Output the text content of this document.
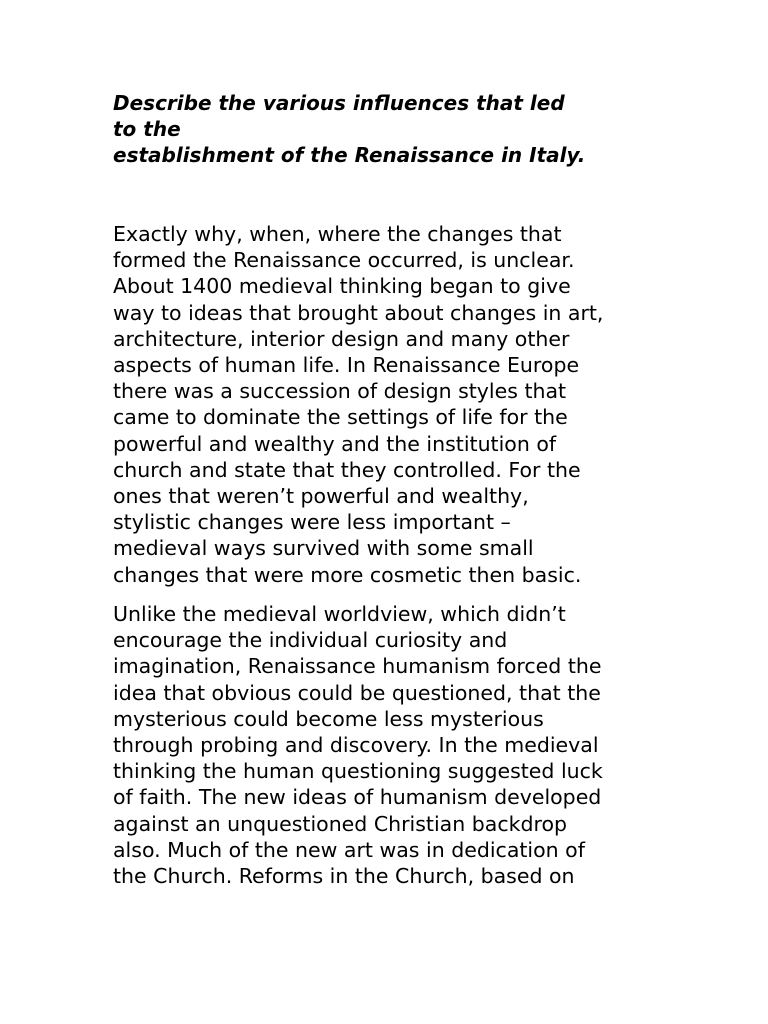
Describe the various influences that led
to the
establishment of the Renaissance in Italy.

Exactly why, when, where the changes that
formed the Renaissance occurred, is unclear.
About 1400 medieval thinking began to give
way to ideas that brought about changes in art,
architecture, interior design and many other
aspects of human life. In Renaissance Europe
there was a succession of design styles that
came to dominate the settings of life for the
powerful and wealthy and the institution of
church and state that they controlled. For the
ones that weren’t powerful and wealthy,
stylistic changes were less important –
medieval ways survived with some small
changes that were more cosmetic then basic.

Unlike the medieval worldview, which didn’t
encourage the individual curiosity and
imagination, Renaissance humanism forced the
idea that obvious could be questioned, that the
mysterious could become less mysterious
through probing and discovery. In the medieval
thinking the human questioning suggested luck
of faith. The new ideas of humanism developed
against an unquestioned Christian backdrop
also. Much of the new art was in dedication of
the Church. Reforms in the Church, based on
